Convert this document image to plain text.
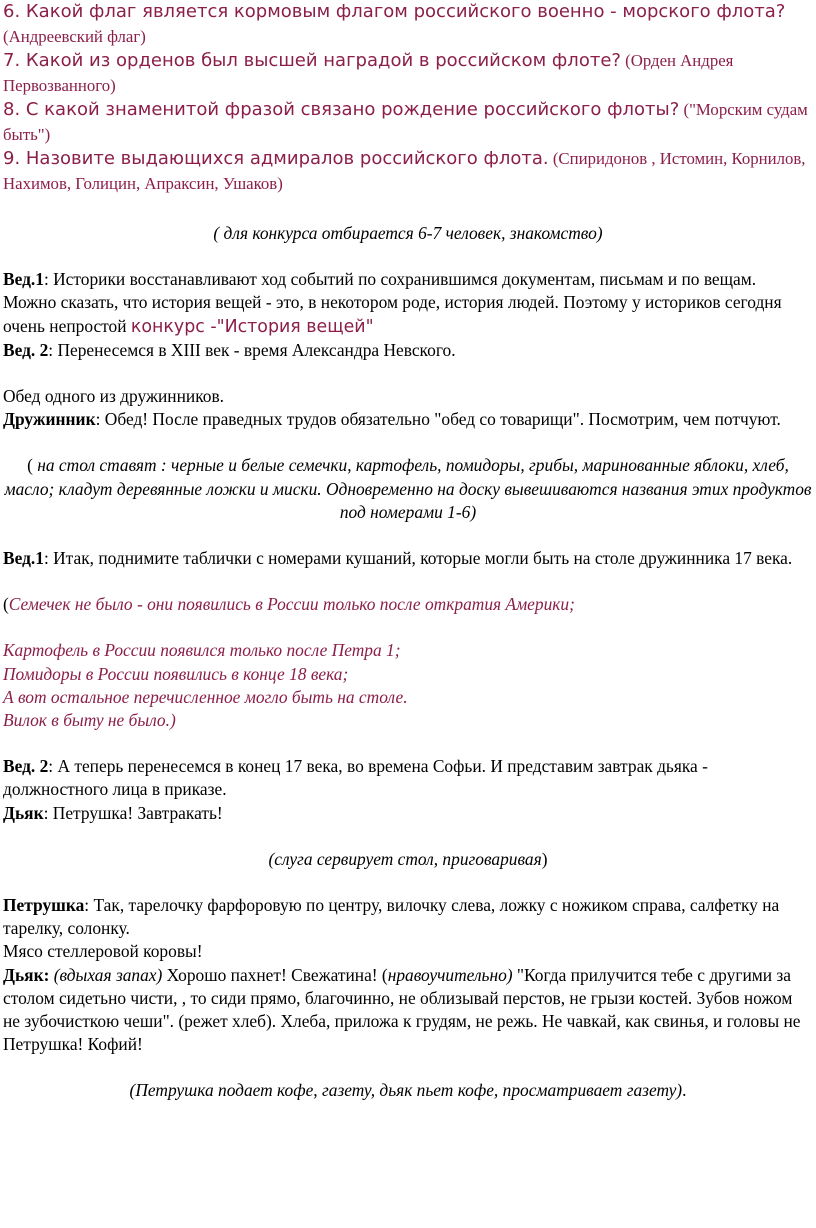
6. Какой флаг является кормовым флагом российского военно - морского флота? (Андреевский флаг)

7. Какой из орденов был высшей наградой в российском флоте? (Орден Андрея Первозванного)

8. С какой знаменитой фразой связано рождение российского флоты? ("Морским судам быть")

9. Назовите выдающихся адмиралов российского флота. (Спиридонов , Истомин, Корнилов, Нахимов, Голицин, Апраксин, Ушаков)

( для конкурса отбирается 6-7 человек, знакомство)

Вед.1: Историки восстанавливают ход событий по сохранившимся документам, письмам и по вещам. Можно сказать, что история вещей - это, в некотором роде, история людей. Поэтому у историков сегодня очень непростой конкурс -"История вещей"

Вед. 2: Перенесемся в XIII век - время Александра Невского.

Обед одного из дружинников.

Дружинник: Обед! После праведных трудов обязательно "обед со товарищи". Посмотрим, чем потчуют.

( на стол ставят : черные и белые семечки, картофель, помидоры, грибы, маринованные яблоки, хлеб, масло; кладут деревянные ложки и миски. Одновременно на доску вывешиваются названия этих продуктов под номерами 1-6)

Вед.1: Итак, поднимите таблички с номерами кушаний, которые могли быть на столе дружинника 17 века.

(Семечек не было - они появились в России только после открaтия Америки;

Картофель в России появился только после Петра 1;

Помидоры в России появились в конце 18 века;

А вот остальное перечисленное могло быть на столе.

Вилок в быту не было.)

Вед. 2: А теперь перенесемся в конец 17 века, во времена Софьи. И представим завтрак дьяка - должностного лица в приказе.

Дьяк: Петрушка! Завтракать!

(слуга сервирует стол, приговаривая)

Петрушка: Так, тарелочку фарфоровую по центру, вилочку слева, ложку с ножиком справа, салфетку на тарелку, солонку.

Мясо стеллеровой коровы!

Дьяк: (вдыхая запах) Хорошо пахнет! Свежатина! (нравоучительно) "Когда прилучится тебе с другими за столом сидетьно чисти, , то сиди прямо, благочинно, не облизывай перстов, не грызи костей. Зубов ножом не зубочисткою чеши". (режет хлеб). Хлеба, приложа к грудям, не режь. Не чавкай, как свинья, и головы не Петрушка! Кофий!

(Петрушка подает кофе, газету, дьяк пьет кофе, просматривает газету).
